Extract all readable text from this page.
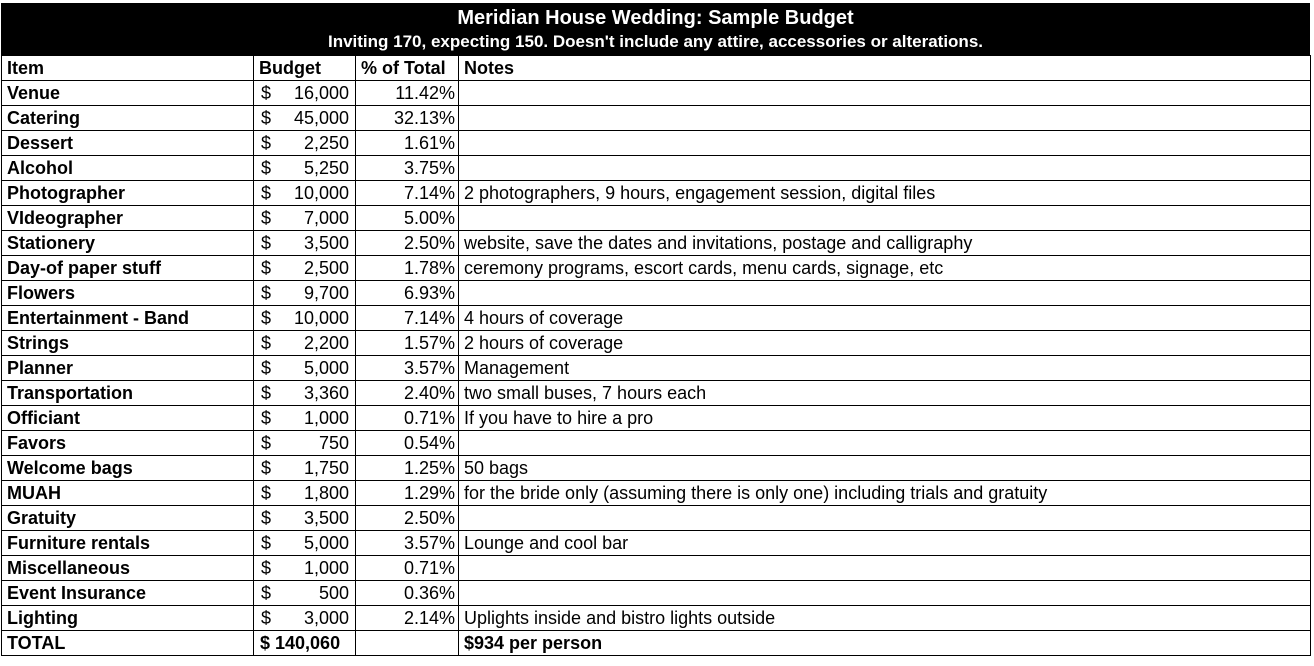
Meridian House Wedding: Sample Budget
Inviting 170, expecting 150. Doesn't include any attire, accessories or alterations.
Item	Budget	% of Total	Notes
Venue	$ 16,000	11.42%	
Catering	$ 45,000	32.13%	
Dessert	$ 2,250	1.61%	
Alcohol	$ 5,250	3.75%	
Photographer	$ 10,000	7.14%	2 photographers, 9 hours, engagement session, digital files
VIdeographer	$ 7,000	5.00%	
Stationery	$ 3,500	2.50%	website, save the dates and invitations, postage and calligraphy
Day-of paper stuff	$ 2,500	1.78%	ceremony programs, escort cards, menu cards, signage, etc
Flowers	$ 9,700	6.93%	
Entertainment - Band	$ 10,000	7.14%	4 hours of coverage
Strings	$ 2,200	1.57%	2 hours of coverage
Planner	$ 5,000	3.57%	Management
Transportation	$ 3,360	2.40%	two small buses, 7 hours each
Officiant	$ 1,000	0.71%	If you have to hire a pro
Favors	$ 750	0.54%	
Welcome bags	$ 1,750	1.25%	50 bags
MUAH	$ 1,800	1.29%	for the bride only (assuming there is only one) including trials and gratuity
Gratuity	$ 3,500	2.50%	
Furniture rentals	$ 5,000	3.57%	Lounge and cool bar
Miscellaneous	$ 1,000	0.71%	
Event Insurance	$ 500	0.36%	
Lighting	$ 3,000	2.14%	Uplights inside and bistro lights outside
TOTAL	$ 140,060		$934 per person
